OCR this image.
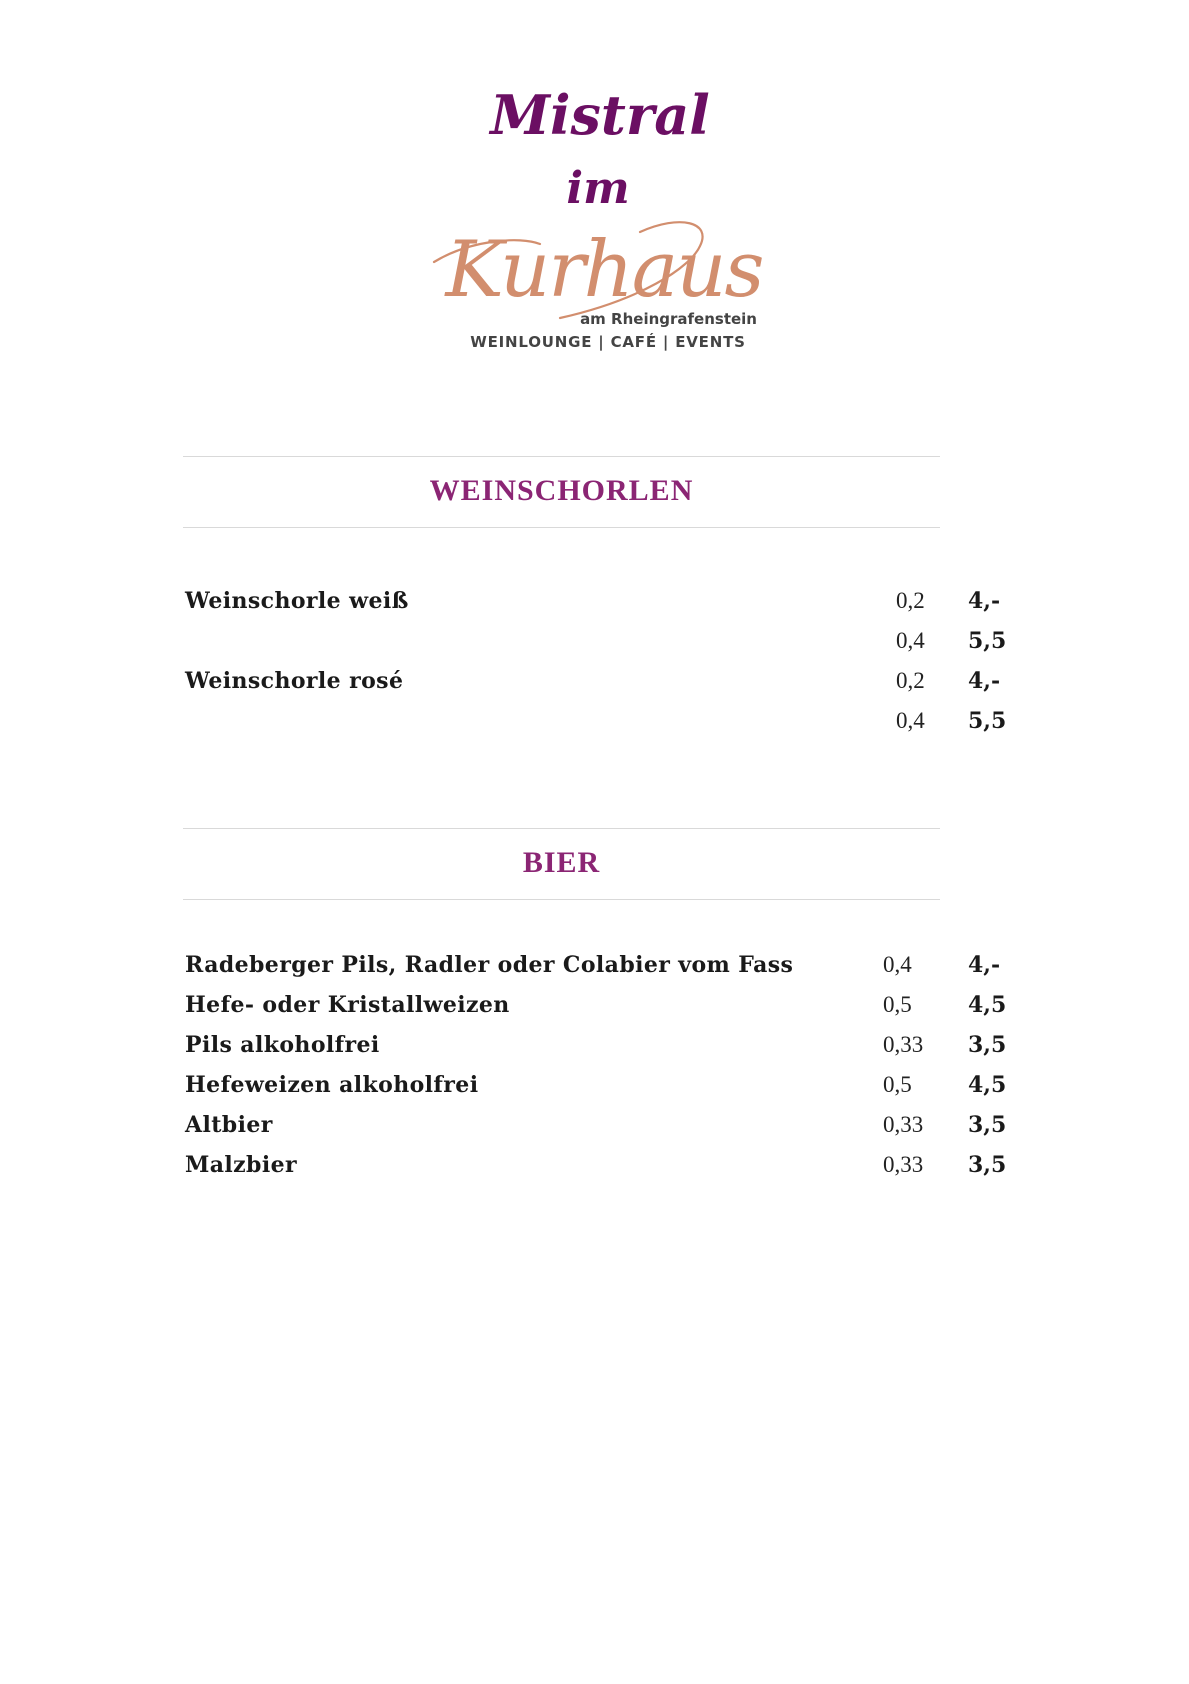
Mistral
im
Kurhaus
am Rheingrafenstein
WEINLOUNGE | CAFÉ | EVENTS
WEINSCHORLEN
Weinschorle weiß	0,2 4,-
0,4 5,5
Weinschorle rosé	0,2 4,-
0,4 5,5
BIER
Radeberger Pils, Radler oder Colabier vom Fass	0,4	4,-
Hefe- oder Kristallweizen	0,5	4,5
Pils alkoholfrei	0,33 3,5
Hefeweizen alkoholfrei	0,5	4,5
Altbier	0,33 3,5
Malzbier	0,33 3,5
